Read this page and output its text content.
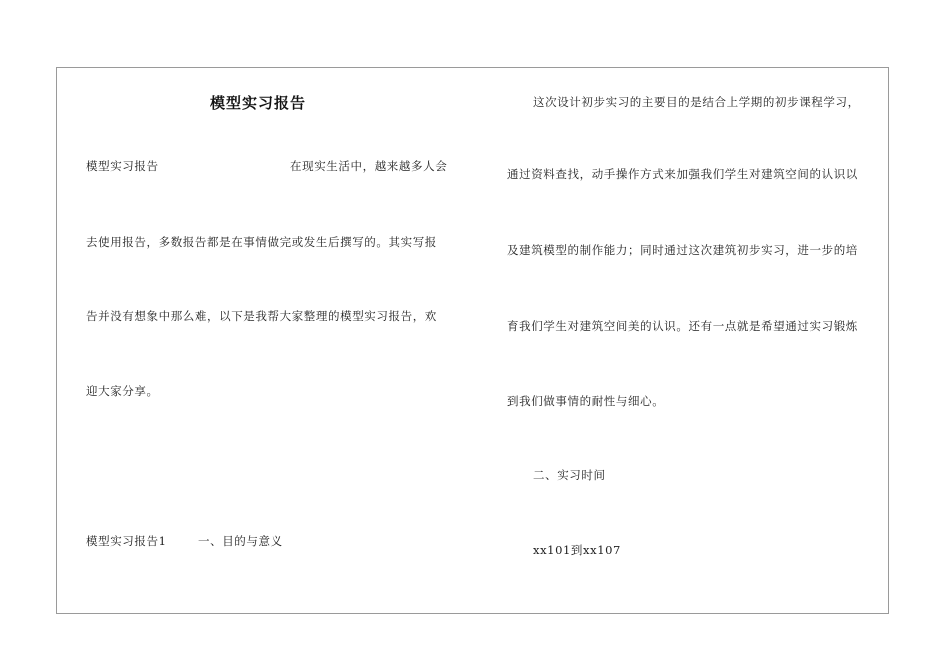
模型实习报告
模型实习报告	在现实生活中，越来越多人会
去使用报告，多数报告都是在事情做完或发生后撰写的。其实写报
告并没有想象中那么难，以下是我帮大家整理的模型实习报告，欢
迎大家分享。
模型实习报告1	一、目的与意义
这次设计初步实习的主要目的是结合上学期的初步课程学习，
通过资料查找，动手操作方式来加强我们学生对建筑空间的认识以
及建筑模型的制作能力；同时通过这次建筑初步实习，进一步的培
育我们学生对建筑空间美的认识。还有一点就是希望通过实习锻炼
到我们做事情的耐性与细心。
二、实习时间
xx101到xx107
